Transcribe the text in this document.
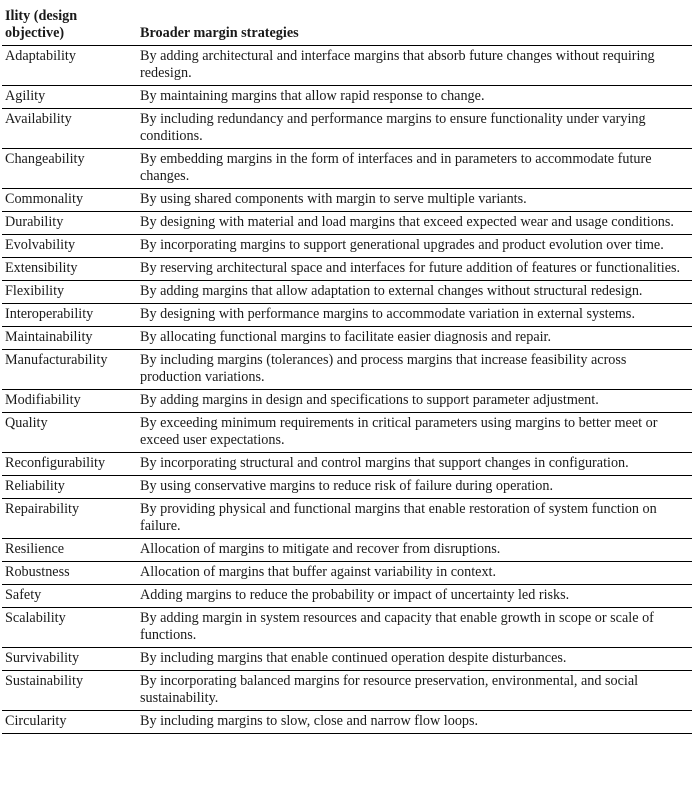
Ility (design objective)	Broader margin strategies
Adaptability	By adding architectural and interface margins that absorb future changes without requiring redesign.
Agility	By maintaining margins that allow rapid response to change.
Availability	By including redundancy and performance margins to ensure functionality under varying conditions.
Changeability	By embedding margins in the form of interfaces and in parameters to accommodate future changes.
Commonality	By using shared components with margin to serve multiple variants.
Durability	By designing with material and load margins that exceed expected wear and usage conditions.
Evolvability	By incorporating margins to support generational upgrades and product evolution over time.
Extensibility	By reserving architectural space and interfaces for future addition of features or functionalities.
Flexibility	By adding margins that allow adaptation to external changes without structural redesign.
Interoperability	By designing with performance margins to accommodate variation in external systems.
Maintainability	By allocating functional margins to facilitate easier diagnosis and repair.
Manufacturability	By including margins (tolerances) and process margins that increase feasibility across production variations.
Modifiability	By adding margins in design and specifications to support parameter adjustment.
Quality	By exceeding minimum requirements in critical parameters using margins to better meet or exceed user expectations.
Reconfigurability	By incorporating structural and control margins that support changes in configuration.
Reliability	By using conservative margins to reduce risk of failure during operation.
Repairability	By providing physical and functional margins that enable restoration of system function on failure.
Resilience	Allocation of margins to mitigate and recover from disruptions.
Robustness	Allocation of margins that buffer against variability in context.
Safety	Adding margins to reduce the probability or impact of uncertainty led risks.
Scalability	By adding margin in system resources and capacity that enable growth in scope or scale of functions.
Survivability	By including margins that enable continued operation despite disturbances.
Sustainability	By incorporating balanced margins for resource preservation, environmental, and social sustainability.
Circularity	By including margins to slow, close and narrow flow loops.
